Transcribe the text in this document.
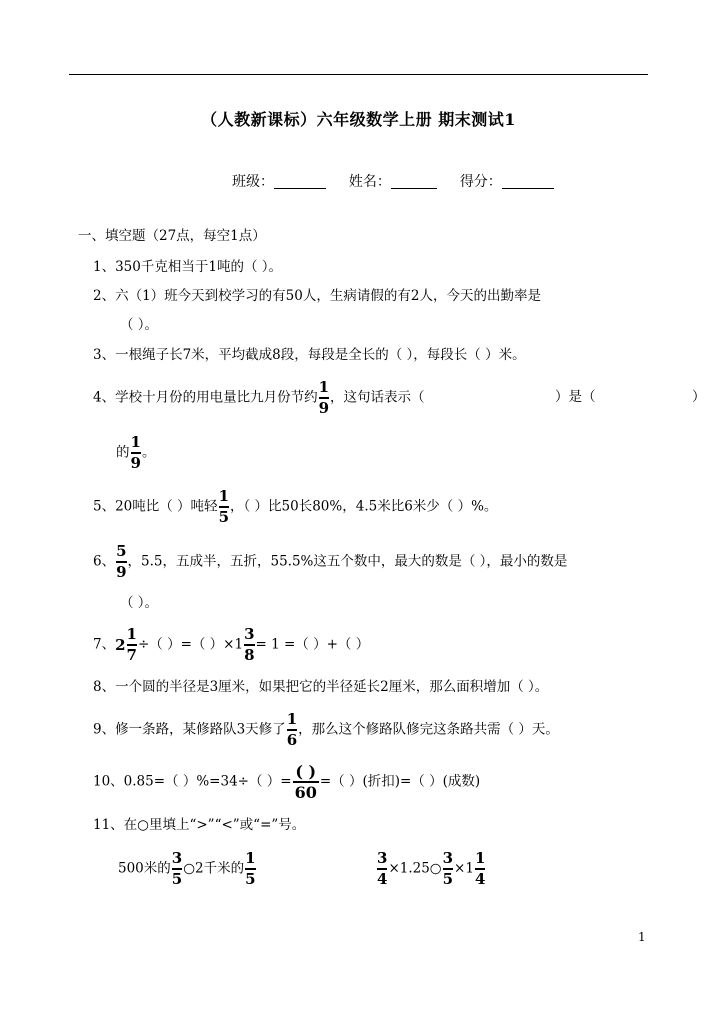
（人教新课标）六年级数学上册 期末测试1
班级：	姓名：	得分：
一、填空题（27点，每空1点）
1、350千克相当于1吨的（ ）。
2、六（1）班今天到校学习的有50人，生病请假的有2人，今天的出勤率是
（ ）。
3、一根绳子长7米，平均截成8段，每段是全长的（ ），每段长（ ）米。
4、学校十月份的用电量比九月份节约 $\frac{1}{9}$ ，这句话表示（	）是（	）
的 $\frac{1}{9}$ 。
5、20吨比（ ）吨轻 $\frac{1}{5}$ ，（ ）比50长80%，4.5米比6米少（ ）%。
6、 $\frac{5}{9}$ ，5.5，五成半，五折，55.5%这五个数中，最大的数是（ ），最小的数是
（ ）。
7、$2 \frac{1}{7}$ ÷（ ）=（ ）$\times 1 \frac{3}{8} = 1$ =（ ）+（ ）
8、一个圆的半径是3厘米，如果把它的半径延长2厘米，那么面积增加（ ）。
9、修一条路，某修路队3天修了 $\frac{1}{6}$ ，那么这个修路队修完这条路共需（ ）天。
10、0.85=（ ）%=34÷（ ）= $\frac{( )}{60}$ =（ ）(折扣)=（ ）(成数)
11、在○里填上“>”“<”或“=”号。
500米的 $\frac{3}{5}$ ○2千米的 $\frac{1}{5}$	$\frac{3}{4}$ ×1.25○ $\frac{3}{5} \times 1 \frac{1}{4}$
1
